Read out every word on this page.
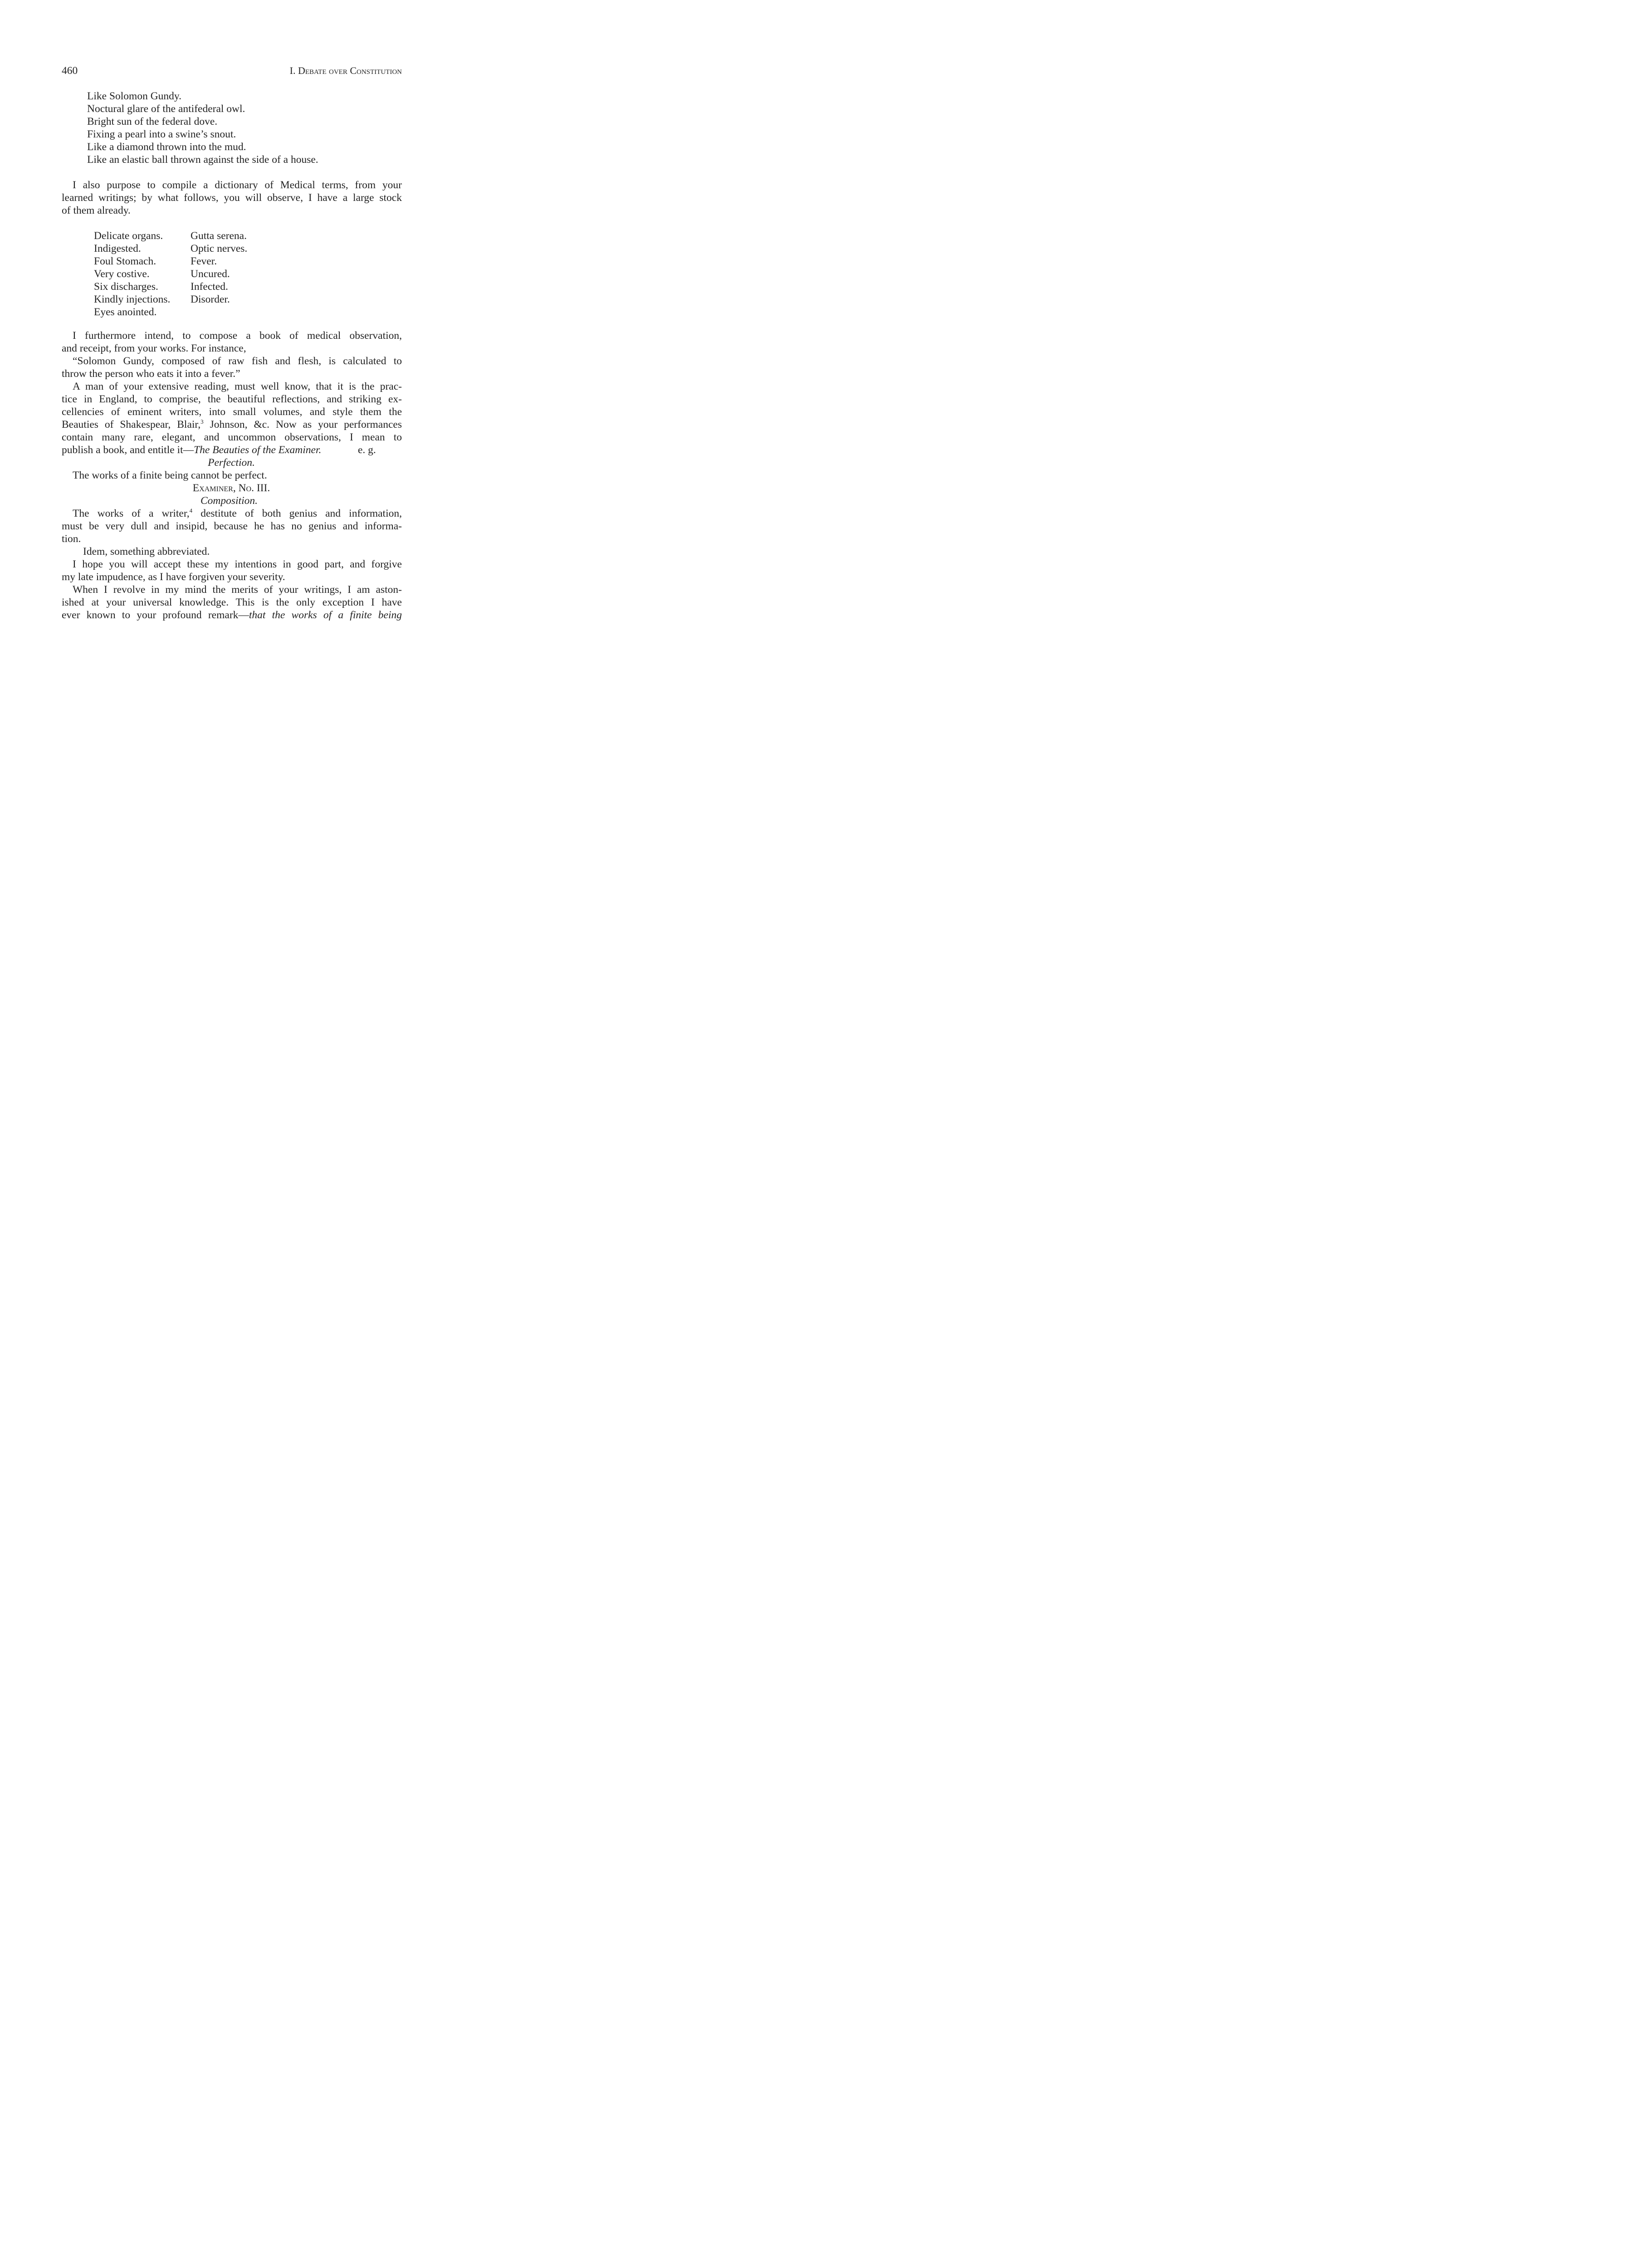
460	I. Debate over Constitution
Like Solomon Gundy.
Noctural glare of the antifederal owl.
Bright sun of the federal dove.
Fixing a pearl into a swine’s snout.
Like a diamond thrown into the mud.
Like an elastic ball thrown against the side of a house.
I also purpose to compile a dictionary of Medical terms, from your
learned writings; by what follows, you will observe, I have a large stock
of them already.
Delicate organs.
Indigested.
Foul Stomach.
Very costive.
Six discharges.
Kindly injections.
Eyes anointed.
Gutta serena.
Optic nerves.
Fever.
Uncured.
Infected.
Disorder.
I furthermore intend, to compose a book of medical observation,
and receipt, from your works. For instance,
“Solomon Gundy, composed of raw fish and flesh, is calculated to
throw the person who eats it into a fever.”
A man of your extensive reading, must well know, that it is the prac-
tice in England, to comprise, the beautiful reflections, and striking ex-
cellencies of eminent writers, into small volumes, and style them the
Beauties of Shakespear, Blair,$^3$ Johnson, &c. Now as your performances
contain many rare, elegant, and uncommon observations, I mean to
publish a book, and entitle it—The Beauties of the Examiner.	e. g.
Perfection.
The works of a finite being cannot be perfect.
Examiner, No. III.
Composition.
The works of a writer,$^4$ destitute of both genius and information,
must be very dull and insipid, because he has no genius and informa-
tion.
Idem, something abbreviated.
I hope you will accept these my intentions in good part, and forgive
my late impudence, as I have forgiven your severity.
When I revolve in my mind the merits of your writings, I am aston-
ished at your universal knowledge. This is the only exception I have
ever known to your profound remark—that the works of a finite being
